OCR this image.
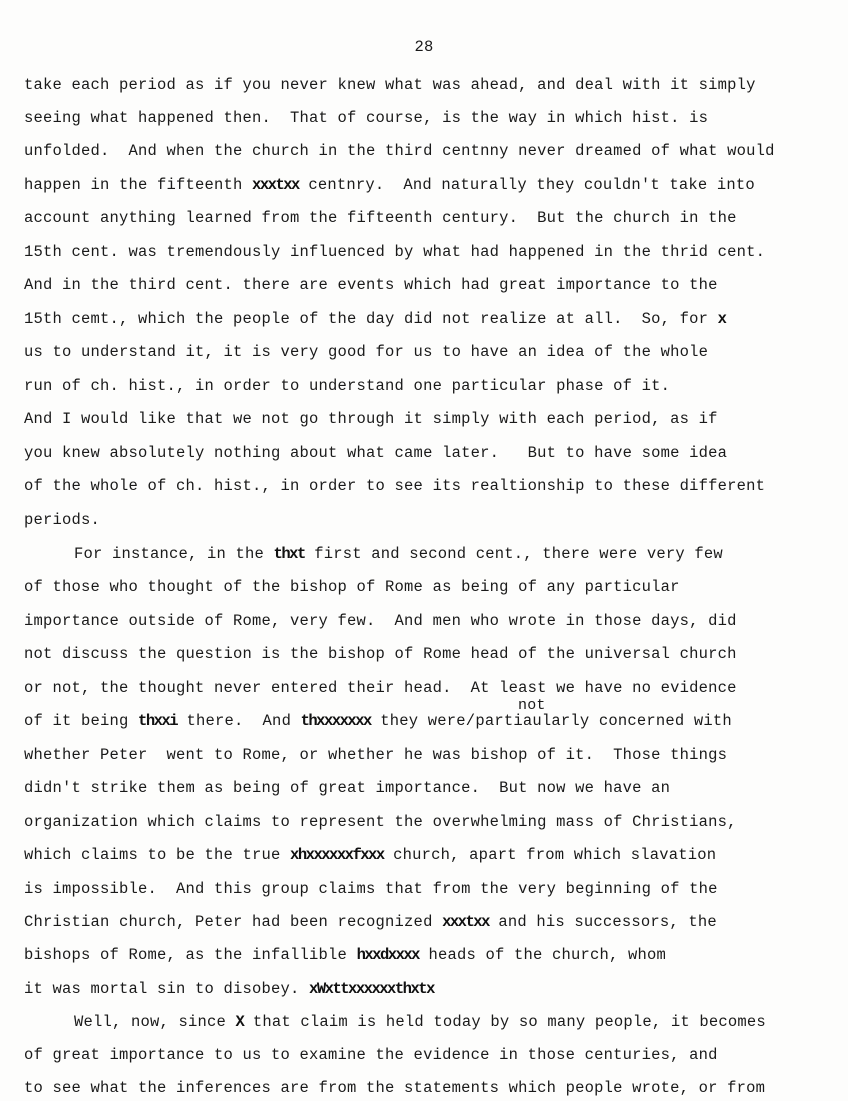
28
take each period as if you never knew what was ahead, and deal with it simply
seeing what happened then.  That of course, is the way in which hist. is
unfolded.  And when the church in the third centnny never dreamed of what would
happen in the fifteenth xxxtxx centnry.  And naturally they couldn't take into
account anything learned from the fifteenth century.  But the church in the
15th cent. was tremendously influenced by what had happened in the thrid cent.
And in the third cent. there are events which had great importance to the
15th cemt., which the people of the day did not realize at all.  So, for x
us to understand it, it is very good for us to have an idea of the whole
run of ch. hist., in order to understand one particular phase of it.
And I would like that we not go through it simply with each period, as if
you knew absolutely nothing about what came later.   But to have some idea
of the whole of ch. hist., in order to see its realtionship to these different
periods.
For instance, in the thxt first and second cent., there were very few
of those who thought of the bishop of Rome as being of any particular
importance outside of Rome, very few.  And men who wrote in those days, did
not discuss the question is the bishop of Rome head of the universal church
or not, the thought never entered their head.  At least we have no evidence
of it being thxxi there.  And thxxxxxxx they were/partiaularly concerned with
whether Peter  went to Rome, or whether he was bishop of it.  Those things
didn't strike them as being of great importance.  But now we have an
organization which claims to represent the overwhelming mass of Christians,
which claims to be the true xhxxxxxxfxxx church, apart from which slavation
is impossible.  And this group claims that from the very beginning of the
Christian church, Peter had been recognized xxxtxx and his successors, the
bishops of Rome, as the infallible hxxdxxxx heads of the church, whom
it was mortal sin to disobey. xWxttxxxxxxthxtx
Well, now, since X that claim is held today by so many people, it becomes
of great importance to us to examine the evidence in those centuries, and
to see what the inferences are from the statements which people wrote, or from
not
